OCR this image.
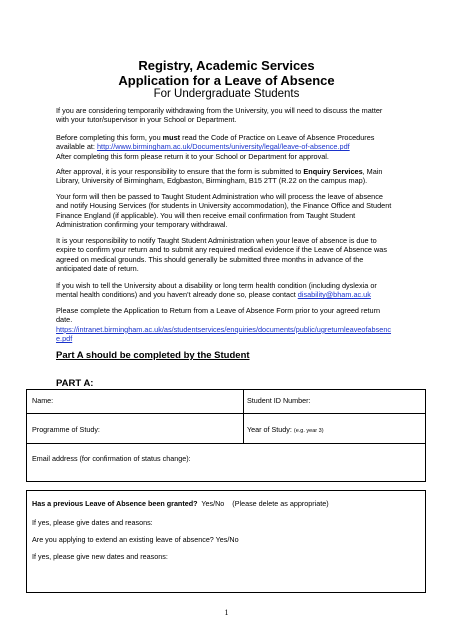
Registry, Academic Services
Application for a Leave of Absence
For Undergraduate Students
If you are considering temporarily withdrawing from the University, you will need to discuss the matter with your tutor/supervisor in your School or Department.
Before completing this form, you must read the Code of Practice on Leave of Absence Procedures available at: http://www.birmingham.ac.uk/Documents/university/legal/leave-of-absence.pdf
After completing this form please return it to your School or Department for approval.
After approval, it is your responsibility to ensure that the form is submitted to Enquiry Services, Main Library, University of Birmingham, Edgbaston, Birmingham, B15 2TT (R.22 on the campus map).
Your form will then be passed to Taught Student Administration who will process the leave of absence and notify Housing Services (for students in University accommodation), the Finance Office and Student Finance England (if applicable). You will then receive email confirmation from Taught Student Administration confirming your temporary withdrawal.
It is your responsibility to notify Taught Student Administration when your leave of absence is due to expire to confirm your return and to submit any required medical evidence if the Leave of Absence was agreed on medical grounds. This should generally be submitted three months in advance of the anticipated date of return.
If you wish to tell the University about a disability or long term health condition (including dyslexia or mental health conditions) and you haven’t already done so, please contact disability@bham.ac.uk
Please complete the Application to Return from a Leave of Absence Form prior to your agreed return date.
https://intranet.birmingham.ac.uk/as/studentservices/enquiries/documents/public/ugreturnleaveofabsence.pdf
Part A should be completed by the Student
PART A:
Name:	Student ID Number:
Programme of Study:	Year of Study: (e.g. year 3)
Email address (for confirmation of status change):
Has a previous Leave of Absence been granted? Yes/No (Please delete as appropriate)
If yes, please give dates and reasons:
Are you applying to extend an existing leave of absence? Yes/No
If yes, please give new dates and reasons:
1
